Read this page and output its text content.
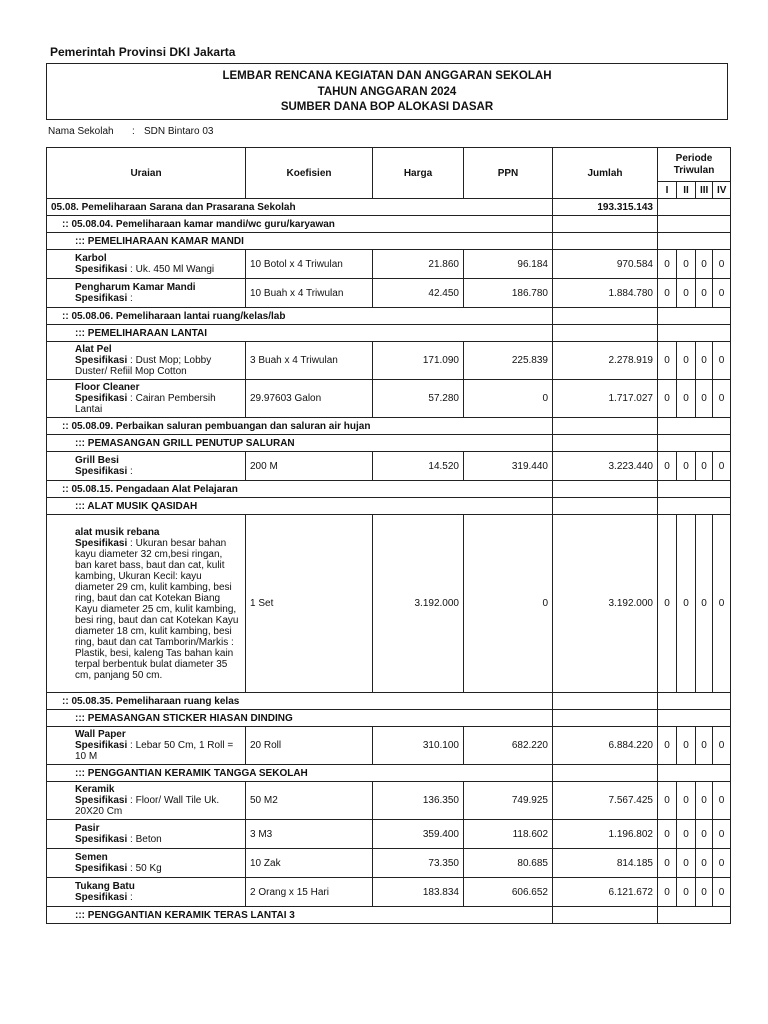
Pemerintah Provinsi DKI Jakarta
LEMBAR RENCANA KEGIATAN DAN ANGGARAN SEKOLAH
TAHUN ANGGARAN 2024
SUMBER DANA BOP ALOKASI DASAR
Nama Sekolah : SDN Bintaro 03
Uraian	Koefisien	Harga	PPN	Jumlah	Periode Triwulan			
					I	II	III	IV
05.08. Pemeliharaan Sarana dan Prasarana Sekolah				193.315.143				
:: 05.08.04. Pemeliharaan kamar mandi/wc guru/karyawan								
::: PEMELIHARAAN KAMAR MANDI								

Karbol
Spesifikasi : Uk. 450 Ml Wangi	10 Botol x 4 Triwulan	21.860	96.184	970.584	0	0	0	0

Pengharum Kamar Mandi
Spesifikasi :	10 Buah x 4 Triwulan	42.450	186.780	1.884.780	0	0	0	0
:: 05.08.06. Pemeliharaan lantai ruang/kelas/lab								
::: PEMELIHARAAN LANTAI								

Alat Pel
Spesifikasi : Dust Mop; Lobby Duster/ Refiil Mop Cotton	3 Buah x 4 Triwulan	171.090	225.839	2.278.919	0	0	0	0

Floor Cleaner
Spesifikasi : Cairan Pembersih Lantai	29.97603 Galon	57.280	0	1.717.027	0	0	0	0
:: 05.08.09. Perbaikan saluran pembuangan dan saluran air hujan								
::: PEMASANGAN GRILL PENUTUP SALURAN								

Grill Besi
Spesifikasi :	200 M	14.520	319.440	3.223.440	0	0	0	0
:: 05.08.15. Pengadaan Alat Pelajaran								
::: ALAT MUSIK QASIDAH								

alat musik rebana
Spesifikasi : Ukuran besar bahan kayu diameter 32 cm,besi ringan, ban karet bass, baut dan cat, kulit kambing, Ukuran Kecil: kayu diameter 29 cm, kulit kambing, besi ring, baut dan cat Kotekan Biang Kayu diameter 25 cm, kulit kambing, besi ring, baut dan cat Kotekan Kayu diameter 18 cm, kulit kambing, besi ring, baut dan cat Tamborin/Markis : Plastik, besi, kaleng Tas bahan kain terpal berbentuk bulat diameter 35 cm, panjang 50 cm.	1 Set	3.192.000	0	3.192.000	0	0	0	0
:: 05.08.35. Pemeliharaan ruang kelas								
::: PEMASANGAN STICKER HIASAN DINDING								

Wall Paper
Spesifikasi : Lebar 50 Cm, 1 Roll = 10 M	20 Roll	310.100	682.220	6.884.220	0	0	0	0
::: PENGGANTIAN KERAMIK TANGGA SEKOLAH								

Keramik
Spesifikasi : Floor/ Wall Tile Uk. 20X20 Cm	50 M2	136.350	749.925	7.567.425	0	0	0	0

Pasir
Spesifikasi : Beton	3 M3	359.400	118.602	1.196.802	0	0	0	0

Semen
Spesifikasi : 50 Kg	10 Zak	73.350	80.685	814.185	0	0	0	0

Tukang Batu
Spesifikasi :	2 Orang x 15 Hari	183.834	606.652	6.121.672	0	0	0	0
::: PENGGANTIAN KERAMIK TERAS LANTAI 3								
